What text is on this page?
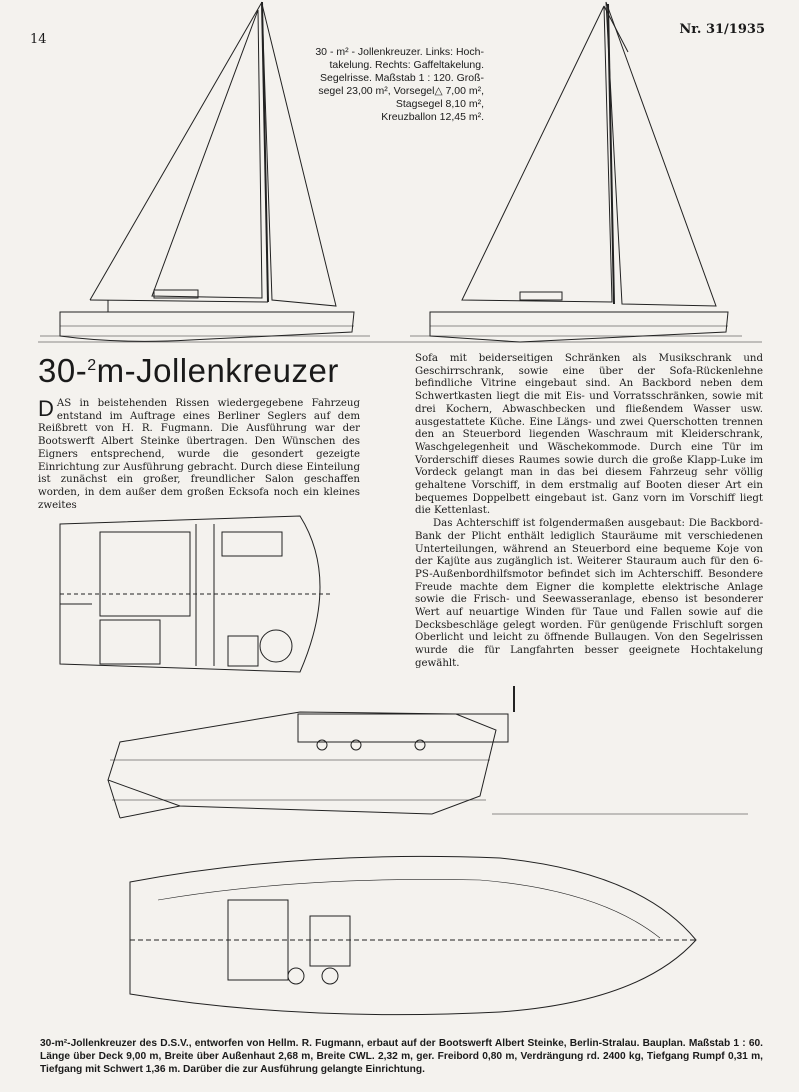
14
Nr. 31/1935

30 - m² - Jollenkreuzer. Links: Hoch-

takelung. Rechts: Gaffeltakelung.

Segelrisse. Maßstab 1 : 120. Groß-

segel 23,00 m², Vorsegel△ 7,00 m²,

Stagsegel 8,10 m²,

Kreuzballon 12,45 m².

30-$^2$m-Jollenkreuzer

DAS in beistehenden Rissen wiedergegebene Fahrzeug entstand im Auftrage eines Berliner Seglers auf dem Reißbrett von H. R. Fugmann. Die Ausführung war der Bootswerft Albert Steinke übertragen. Den Wünschen des Eigners entsprechend, wurde die gesondert gezeigte Einrichtung zur Ausführung gebracht. Durch diese Einteilung ist zunächst ein großer, freundlicher Salon geschaffen worden, in dem außer dem großen Ecksofa noch ein kleines zweites

Sofa mit beiderseitigen Schränken als Musikschrank und Geschirrschrank, sowie eine über der Sofa-Rückenlehne befindliche Vitrine eingebaut sind. An Backbord neben dem Schwertkasten liegt die mit Eis- und Vorratsschränken, sowie mit drei Kochern, Abwaschbecken und fließendem Wasser usw. ausgestattete Küche. Eine Längs- und zwei Querschotten trennen den an Steuerbord liegenden Waschraum mit Kleiderschrank, Waschgelegenheit und Wäschekommode. Durch eine Tür im Vorderschiff dieses Raumes sowie durch die große Klapp-Luke im Vordeck gelangt man in das bei diesem Fahrzeug sehr völlig gehaltene Vorschiff, in dem erstmalig auf Booten dieser Art ein bequemes Doppelbett eingebaut ist. Ganz vorn im Vorschiff liegt die Kettenlast.

Das Achterschiff ist folgendermaßen ausgebaut: Die Backbord-Bank der Plicht enthält lediglich Stauräume mit verschiedenen Unterteilungen, während an Steuerbord eine bequeme Koje von der Kajüte aus zugänglich ist. Weiterer Stauraum auch für den 6-PS-Außenbordhilfsmotor befindet sich im Achterschiff. Besondere Freude machte dem Eigner die komplette elektrische Anlage sowie die Frisch- und Seewasseranlage, ebenso ist besonderer Wert auf neuartige Winden für Taue und Fallen sowie auf die Decksbeschläge gelegt worden. Für genügende Frischluft sorgen Oberlicht und leicht zu öffnende Bullaugen. Von den Segelrissen wurde die für Langfahrten besser geeignete Hochtakelung gewählt.

30-m²-Jollenkreuzer des D.S.V., entworfen von Hellm. R. Fugmann, erbaut auf der Bootswerft Albert Steinke, Berlin-Stralau. Bauplan. Maßstab 1 : 60. Länge über Deck 9,00 m, Breite über Außenhaut 2,68 m, Breite CWL. 2,32 m, ger. Freibord 0,80 m, Verdrängung rd. 2400 kg, Tiefgang Rumpf 0,31 m, Tiefgang mit Schwert 1,36 m. Darüber die zur Ausführung gelangte Einrichtung.
